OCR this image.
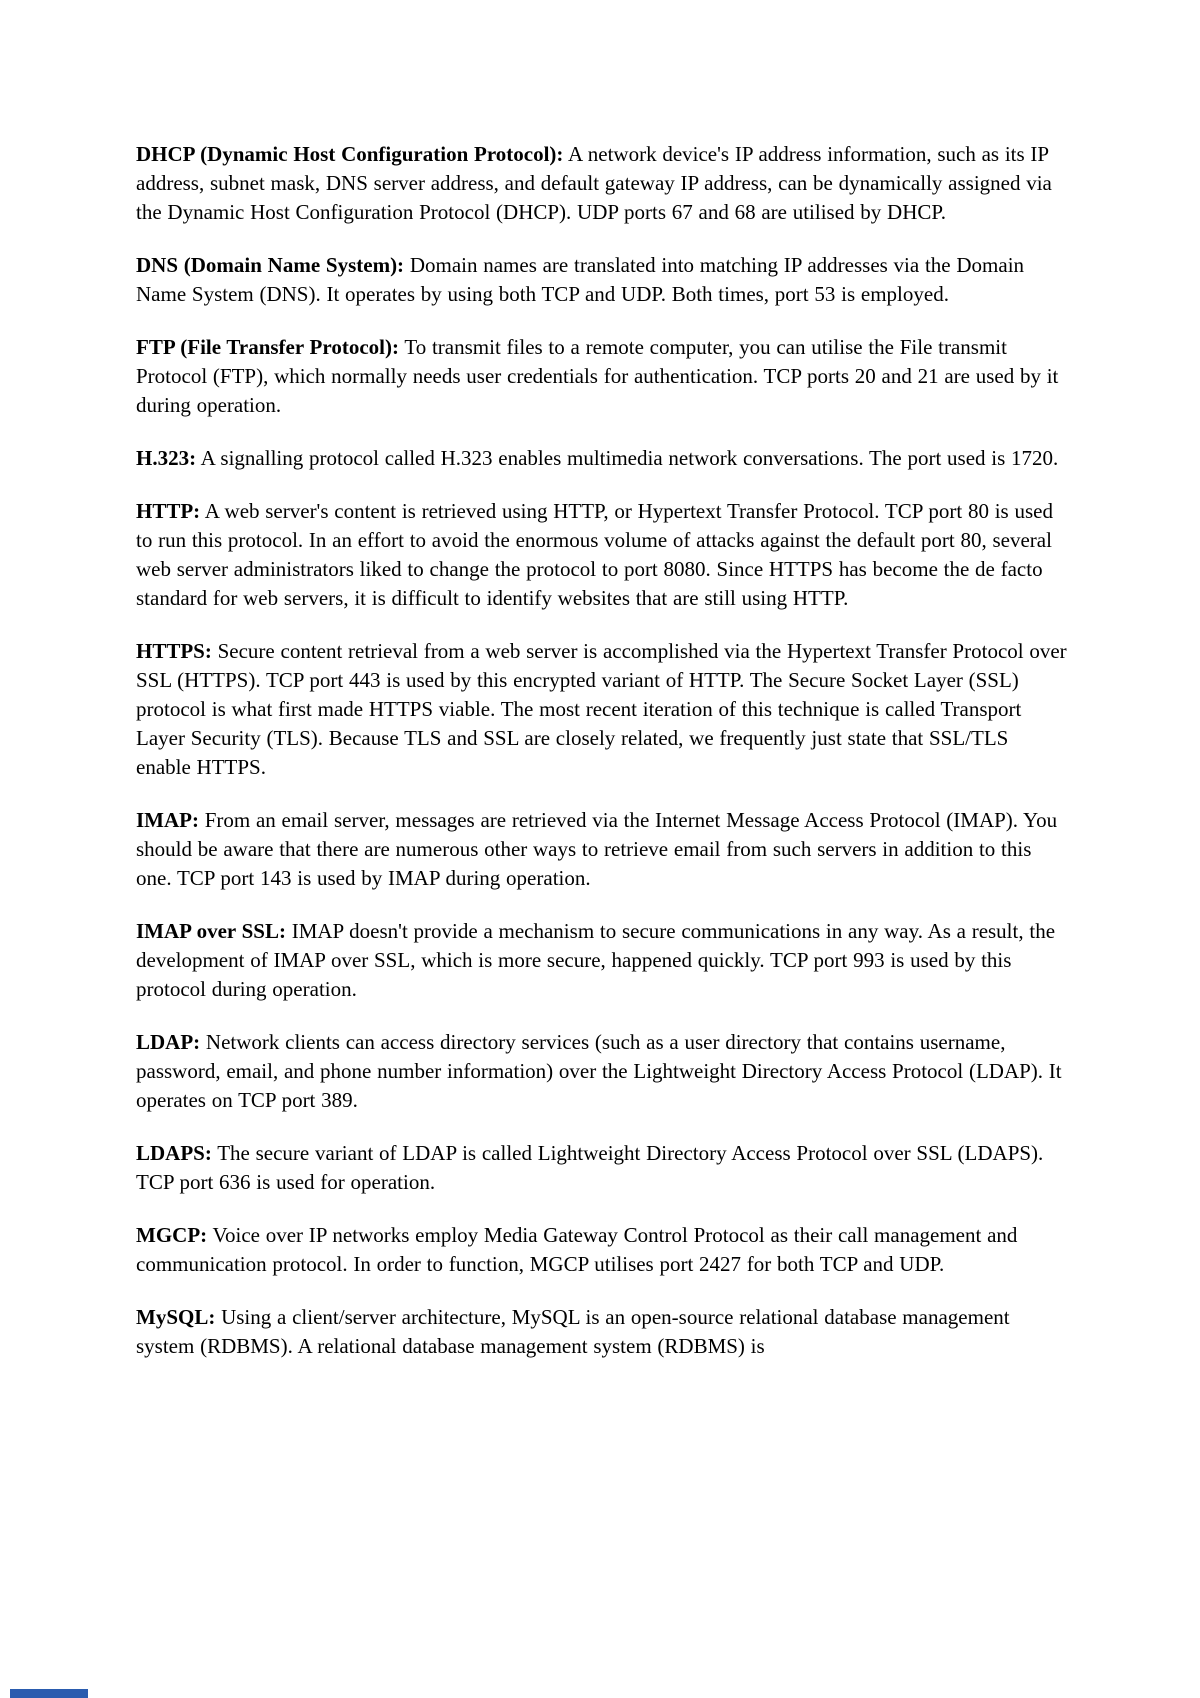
DHCP (Dynamic Host Configuration Protocol): A network device's IP address information, such as its IP address, subnet mask, DNS server address, and default gateway IP address, can be dynamically assigned via the Dynamic Host Configuration Protocol (DHCP). UDP ports 67 and 68 are utilised by DHCP.

DNS (Domain Name System): Domain names are translated into matching IP addresses via the Domain Name System (DNS). It operates by using both TCP and UDP. Both times, port 53 is employed.

FTP (File Transfer Protocol): To transmit files to a remote computer, you can utilise the File transmit Protocol (FTP), which normally needs user credentials for authentication. TCP ports 20 and 21 are used by it during operation.

H.323: A signalling protocol called H.323 enables multimedia network conversations. The port used is 1720.

HTTP: A web server's content is retrieved using HTTP, or Hypertext Transfer Protocol. TCP port 80 is used to run this protocol. In an effort to avoid the enormous volume of attacks against the default port 80, several web server administrators liked to change the protocol to port 8080. Since HTTPS has become the de facto standard for web servers, it is difficult to identify websites that are still using HTTP.

HTTPS: Secure content retrieval from a web server is accomplished via the Hypertext Transfer Protocol over SSL (HTTPS). TCP port 443 is used by this encrypted variant of HTTP. The Secure Socket Layer (SSL) protocol is what first made HTTPS viable. The most recent iteration of this technique is called Transport Layer Security (TLS). Because TLS and SSL are closely related, we frequently just state that SSL/TLS enable HTTPS.

IMAP: From an email server, messages are retrieved via the Internet Message Access Protocol (IMAP). You should be aware that there are numerous other ways to retrieve email from such servers in addition to this one. TCP port 143 is used by IMAP during operation.

IMAP over SSL: IMAP doesn't provide a mechanism to secure communications in any way. As a result, the development of IMAP over SSL, which is more secure, happened quickly. TCP port 993 is used by this protocol during operation.

LDAP: Network clients can access directory services (such as a user directory that contains username, password, email, and phone number information) over the Lightweight Directory Access Protocol (LDAP). It operates on TCP port 389.

LDAPS: The secure variant of LDAP is called Lightweight Directory Access Protocol over SSL (LDAPS). TCP port 636 is used for operation.

MGCP: Voice over IP networks employ Media Gateway Control Protocol as their call management and communication protocol. In order to function, MGCP utilises port 2427 for both TCP and UDP.

MySQL: Using a client/server architecture, MySQL is an open-source relational database management system (RDBMS). A relational database management system (RDBMS) is
